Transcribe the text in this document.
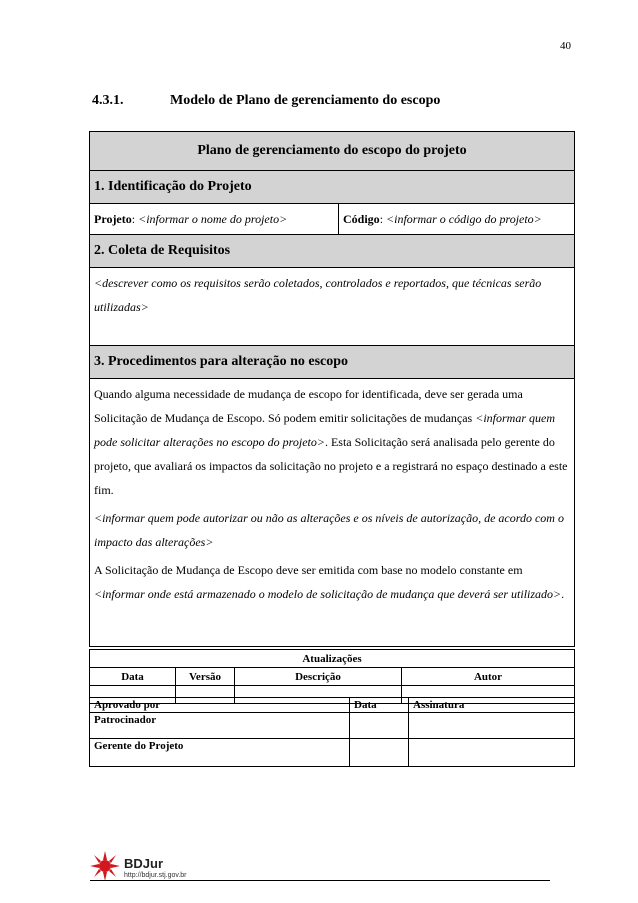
40
4.3.1.	Modelo de Plano de gerenciamento do escopo
Plano de gerenciamento do escopo do projeto
1. Identificação do Projeto
Projeto: <informar o nome do projeto>	Código: <informar o código do projeto>
2. Coleta de Requisitos
<descrever como os requisitos serão coletados, controlados e reportados, que técnicas serão utilizadas>
3. Procedimentos para alteração no escopo

Quando alguma necessidade de mudança de escopo for identificada, deve ser gerada uma Solicitação de Mudança de Escopo. Só podem emitir solicitações de mudanças <informar quem pode solicitar alterações no escopo do projeto>. Esta Solicitação será analisada pelo gerente do projeto, que avaliará os impactos da solicitação no projeto e a registrará no espaço destinado a este fim.

<informar quem pode autorizar ou não as alterações e os níveis de autorização, de acordo com o impacto das alterações>

A Solicitação de Mudança de Escopo deve ser emitida com base no modelo constante em <informar onde está armazenado o modelo de solicitação de mudança que deverá ser utilizado>.

Atualizações			
Data	Versão	Descrição	Autor

Aprovado por	Data	Assinatura
Patrocinador		
Gerente do Projeto		
BDJur
http://bdjur.stj.gov.br
